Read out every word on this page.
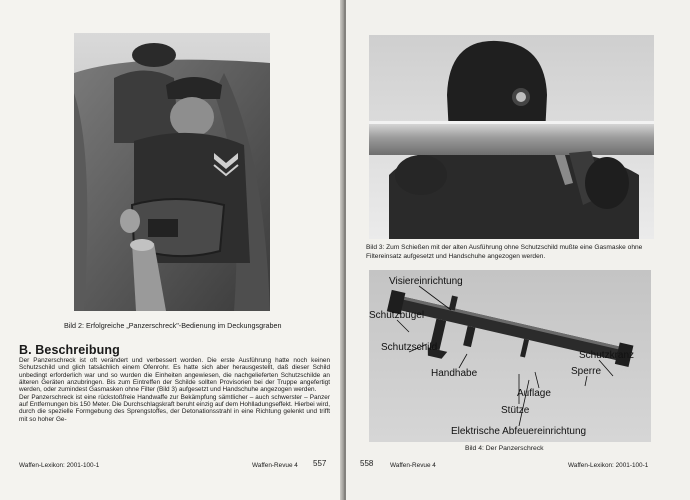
Bild 2: Erfolgreiche „Panzerschreck"-Bedienung im Deckungsgraben
B. Beschreibung

Der Panzerschreck ist oft verändert und verbessert worden. Die erste Ausführung hatte noch keinen Schutzschild und glich tatsächlich einem Ofenrohr. Es hatte sich aber herausgestellt, daß dieser Schild unbedingt erforderlich war und so wurden die Einheiten angewiesen, die nachgelieferten Schutzschilde an älteren Geräten anzubringen. Bis zum Eintreffen der Schilde sollten Provisorien bei der Truppe angefertigt werden, oder zumindest Gasmasken ohne Filter (Bild 3) aufgesetzt und Handschuhe angezogen werden.

Der Panzerschreck ist eine rückstoßfreie Handwaffe zur Bekämpfung sämtlicher – auch schwerster – Panzer auf Entfernungen bis 150 Meter. Die Durchschlagskraft beruht einzig auf dem Hohlladungseffekt. Hierbei wird, durch die spezielle Formgebung des Sprengstoffes, der Detonationsstrahl in eine Richtung gelenkt und trifft mit so hoher Ge-

Waffen-Lexikon: 2001-100-1	Waffen-Revue 4 557
Bild 3: Zum Schießen mit der alten Ausführung ohne Schutzschild mußte eine Gasmaske ohne Filtereinsatz aufgesetzt und Handschuhe angezogen werden.
Visiereinrichtung
Schutzbügel
Schutzschild
Handhabe
Auflage
Stütze
Elektrische Abfeuereinrichtung
Schutzkranz
Sperre
Bild 4: Der Panzerschreck
558	Waffen-Revue 4	Waffen-Lexikon: 2001-100-1
